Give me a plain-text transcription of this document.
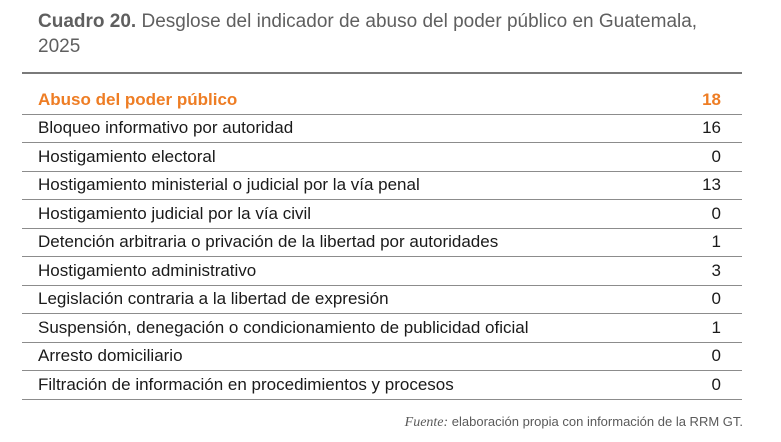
Cuadro 20. Desglose del indicador de abuso del poder público en Guatemala, 2025
Abuso del poder público	18
Bloqueo informativo por autoridad	16
Hostigamiento electoral	0
Hostigamiento ministerial o judicial por la vía penal	13
Hostigamiento judicial por la vía civil	0
Detención arbitraria o privación de la libertad por autoridades	1
Hostigamiento administrativo	3
Legislación contraria a la libertad de expresión	0
Suspensión, denegación o condicionamiento de publicidad oficial	1
Arresto domiciliario	0
Filtración de información en procedimientos y procesos	0
Fuente: elaboración propia con información de la RRM GT.
